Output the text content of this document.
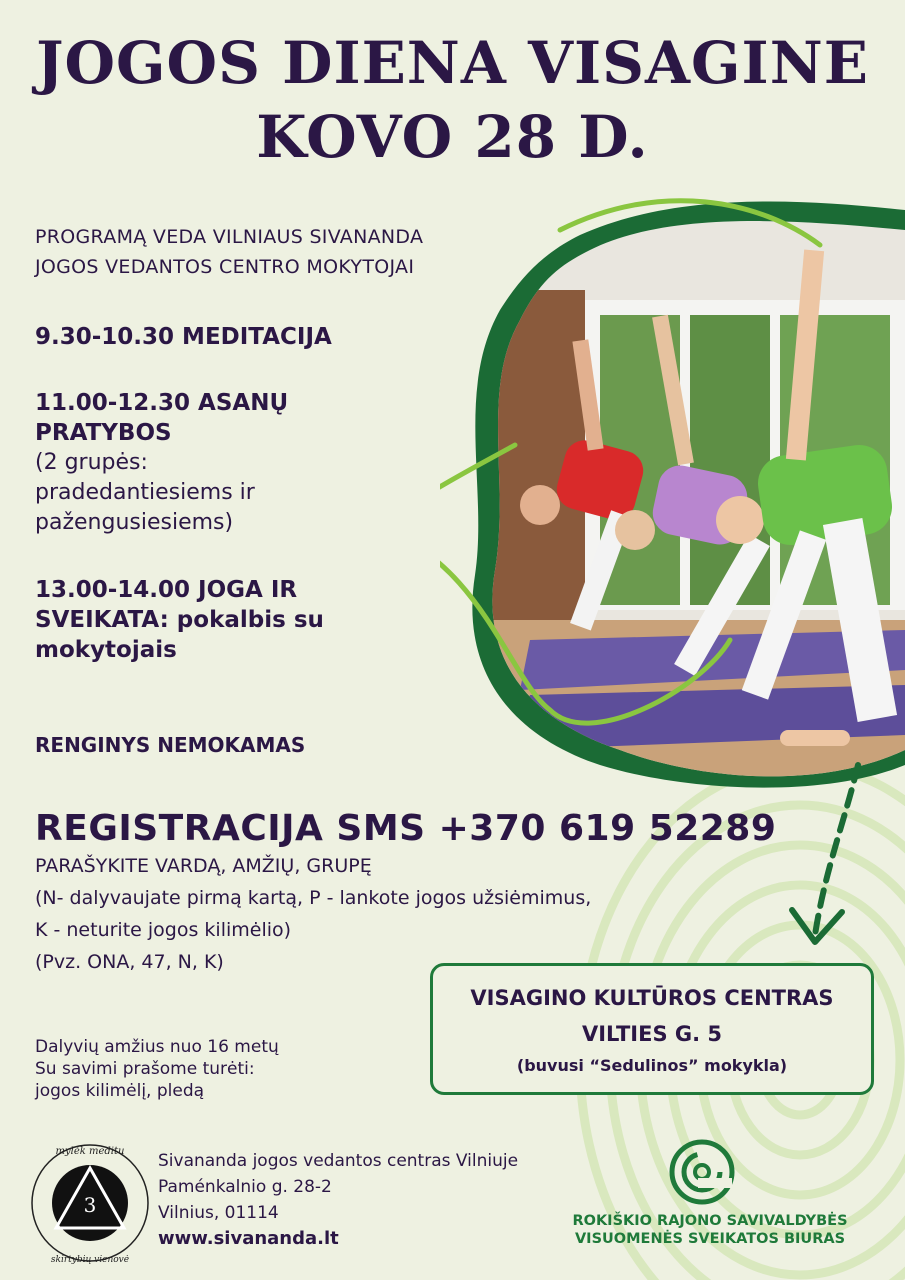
JOGOS DIENA VISAGINE
KOVO 28 D.
PROGRAMĄ VEDA VILNIAUS SIVANANDA
JOGOS VEDANTOS CENTRO MOKYTOJAI
9.30-10.30 MEDITACIJA
11.00-12.30 ASANŲ
PRATYBOS
(2 grupės:
pradedantiesiems ir
pažengusiesiems)
13.00-14.00 JOGA IR
SVEIKATA: pokalbis su
mokytojais
RENGINYS NEMOKAMAS
REGISTRACIJA SMS +370 619 52289
PARAŠYKITE VARDĄ, AMŽIŲ, GRUPĘ
(N- dalyvaujate pirmą kartą, P - lankote jogos užsiėmimus,
K - neturite jogos kilimėlio)
(Pvz. ONA, 47, N, K)
VISAGINO KULTŪROS CENTRAS
VILTIES G. 5
(buvusi “Sedulinos” mokykla)
Dalyvių amžius nuo 16 metų
Su savimi prašome turėti:
jogos kilimėlį, pledą
3
mylėk meditu
skirtybių vienovė
Sivananda jogos vedantos centras Vilniuje
Paménkalnio g. 28-2
Vilnius, 01114
www.sivananda.lt
ROKIŠKIO RAJONO SAVIVALDYBĖS
VISUOMENĖS SVEIKATOS BIURAS
